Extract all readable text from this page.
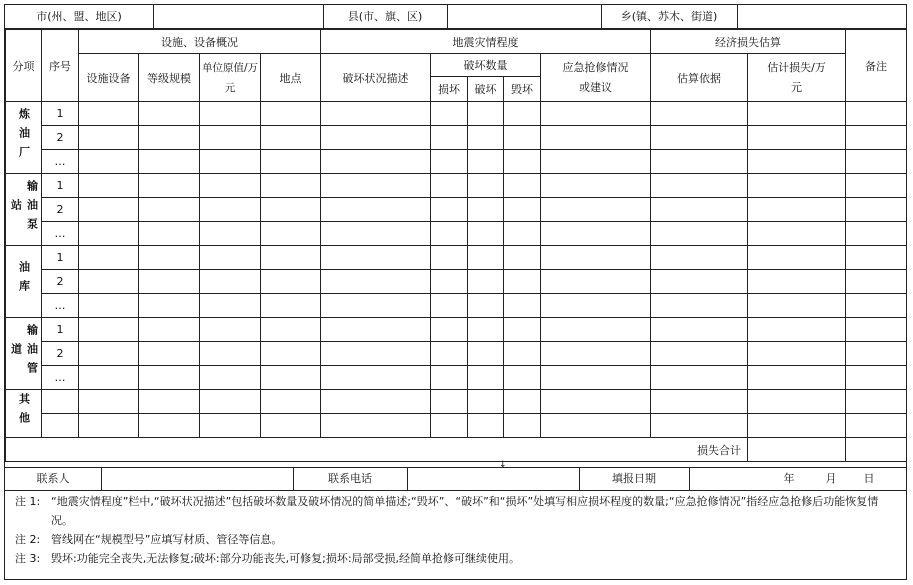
市(州、盟、地区)	县(市、旗、区)	乡(镇、苏木、街道)
分项	序号	设施、设备概况				地震灾情程度					经济损失估算		备注
		设施设备	等级规模	单位原值/万元	地点	破坏状况描述	破坏数量			应急抢修情况或建议	估算依据	估计损失/万元	
							损坏	破坏	毁坏				
炼油厂	1												
	2												
	…												
输油泵站	1												
	2												
	…												
油库	1												
	2												
	…												
输油管道	1												
	2												
	…												
其他													

											损失合计		
↓
联系人	联系电话	填报日期	年	月 日
注 1: “地震灾情程度”栏中,“破坏状况描述”包括破坏数量及破坏情况的简单描述;“毁坏”、“破坏”和“损坏”处填写相应损坏程度的数量;“应急抢修情况”指经应急抢修后功能恢复情况。
注 2: 管线网在“规模型号”应填写材质、管径等信息。
注 3: 毁坏:功能完全丧失,无法修复;破坏:部分功能丧失,可修复;损坏:局部受损,经简单抢修可继续使用。
